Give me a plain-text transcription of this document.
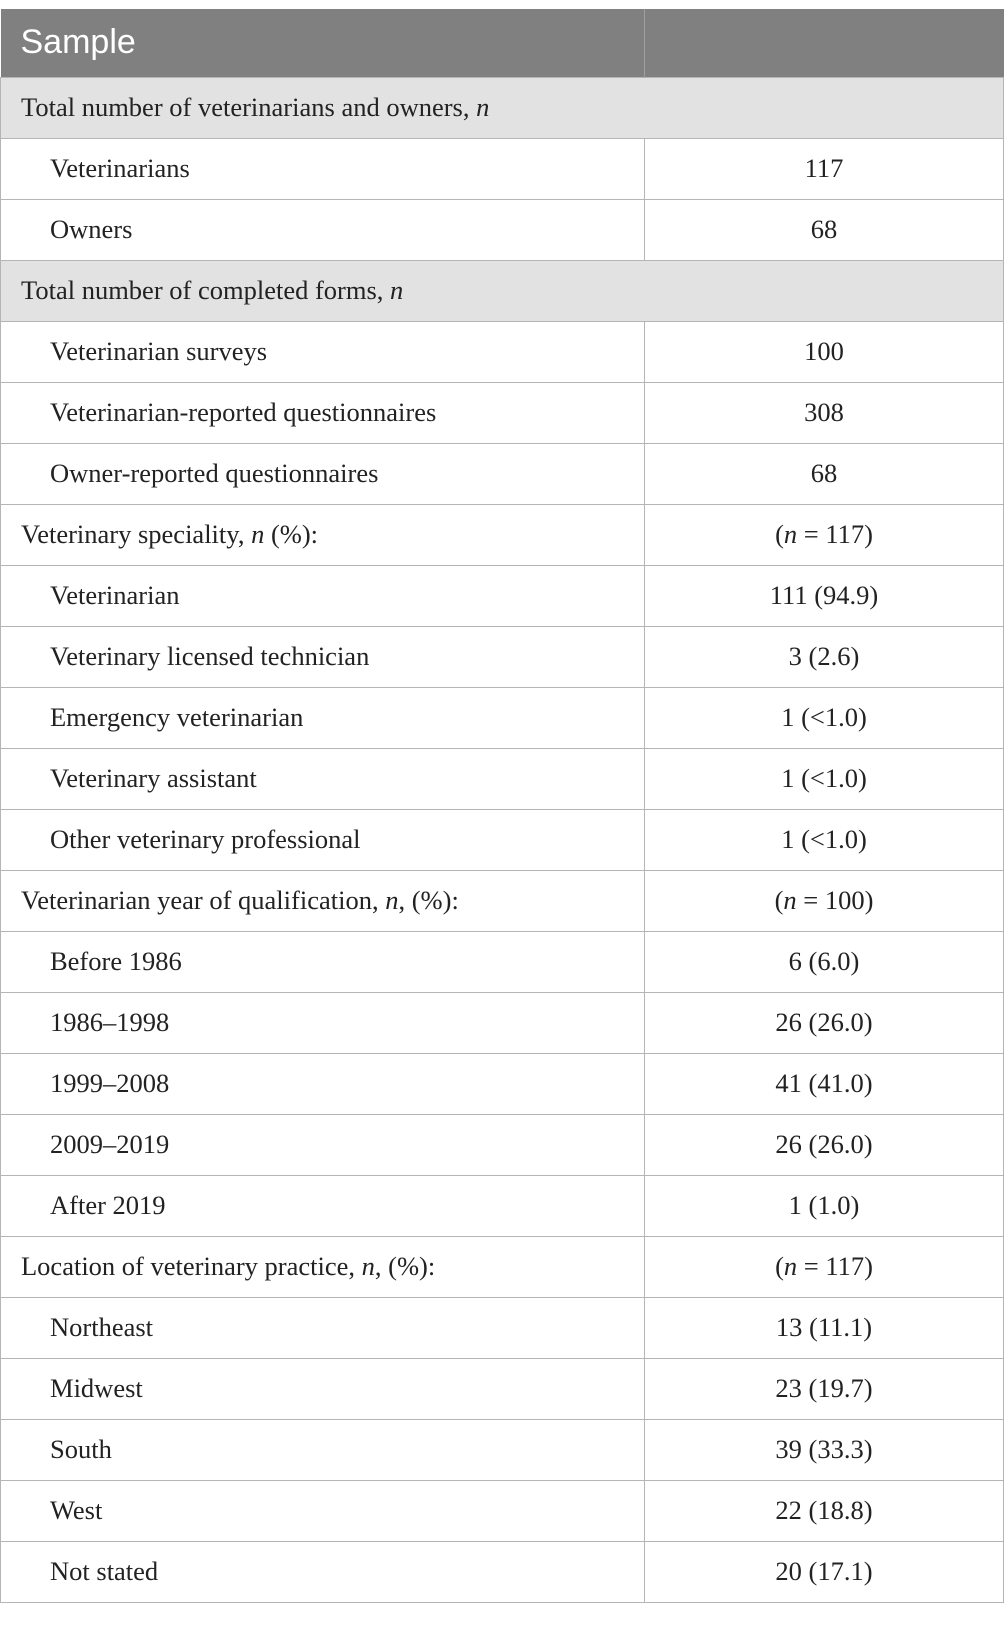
Sample	
Total number of veterinarians and owners, n	
Veterinarians	117
Owners	68
Total number of completed forms, n	
Veterinarian surveys	100
Veterinarian-reported questionnaires	308
Owner-reported questionnaires	68
Veterinary speciality, n (%):	(n = 117)
Veterinarian	111 (94.9)
Veterinary licensed technician	3 (2.6)
Emergency veterinarian	1 (<1.0)
Veterinary assistant	1 (<1.0)
Other veterinary professional	1 (<1.0)
Veterinarian year of qualification, n, (%):	(n = 100)
Before 1986	6 (6.0)
1986–1998	26 (26.0)
1999–2008	41 (41.0)
2009–2019	26 (26.0)
After 2019	1 (1.0)
Location of veterinary practice, n, (%):	(n = 117)
Northeast	13 (11.1)
Midwest	23 (19.7)
South	39 (33.3)
West	22 (18.8)
Not stated	20 (17.1)
